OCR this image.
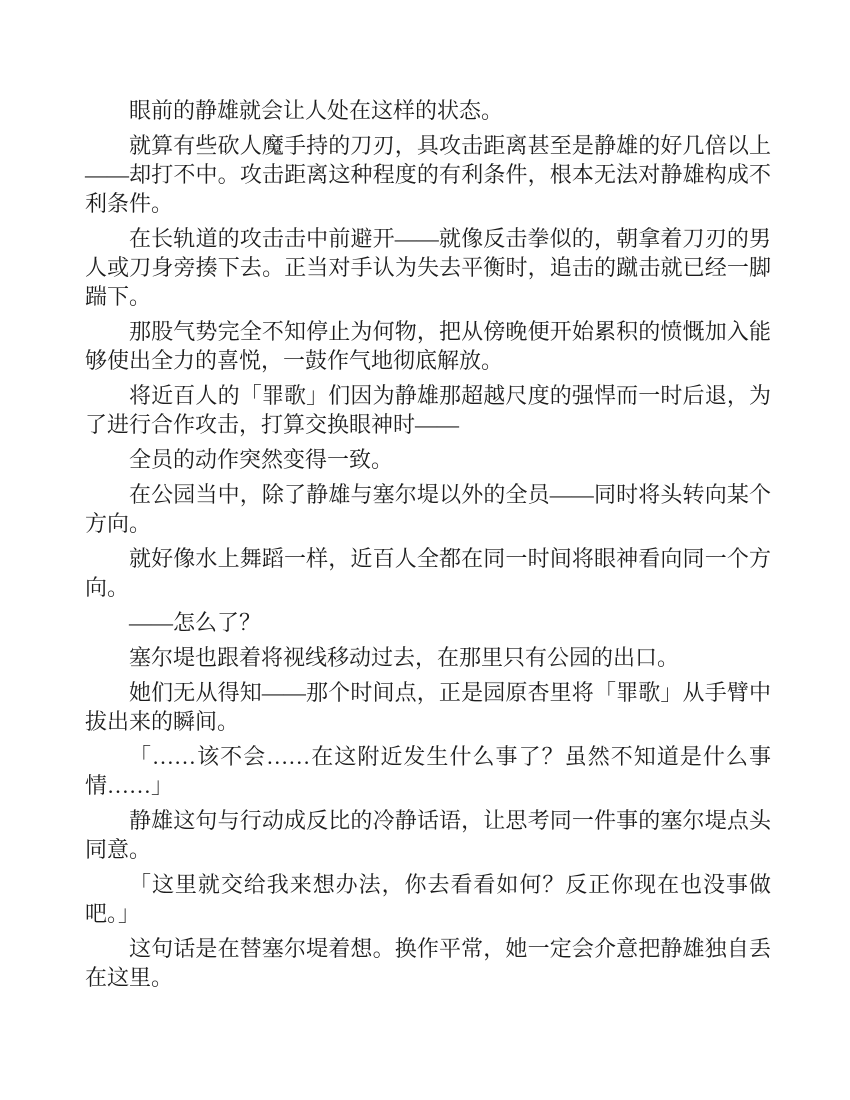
眼前的静雄就会让人处在这样的状态。

就算有些砍人魔手持的刀刃，具攻击距离甚至是静雄的好几倍以上——却打不中。攻击距离这种程度的有利条件，根本无法对静雄构成不利条件。

在长轨道的攻击击中前避开——就像反击拳似的，朝拿着刀刃的男人或刀身旁揍下去。正当对手认为失去平衡时，追击的蹴击就已经一脚踹下。

那股气势完全不知停止为何物，把从傍晚便开始累积的愤慨加入能够使出全力的喜悦，一鼓作气地彻底解放。

将近百人的「罪歌」们因为静雄那超越尺度的强悍而一时后退，为了进行合作攻击，打算交换眼神时——

全员的动作突然变得一致。

在公园当中，除了静雄与塞尔堤以外的全员——同时将头转向某个方向。

就好像水上舞蹈一样，近百人全都在同一时间将眼神看向同一个方向。

——怎么了？

塞尔堤也跟着将视线移动过去，在那里只有公园的出口。

她们无从得知——那个时间点，正是园原杏里将「罪歌」从手臂中拔出来的瞬间。

「……该不会……在这附近发生什么事了？虽然不知道是什么事情……」

静雄这句与行动成反比的冷静话语，让思考同一件事的塞尔堤点头同意。

「这里就交给我来想办法，你去看看如何？反正你现在也没事做吧。」

这句话是在替塞尔堤着想。换作平常，她一定会介意把静雄独自丢在这里。
